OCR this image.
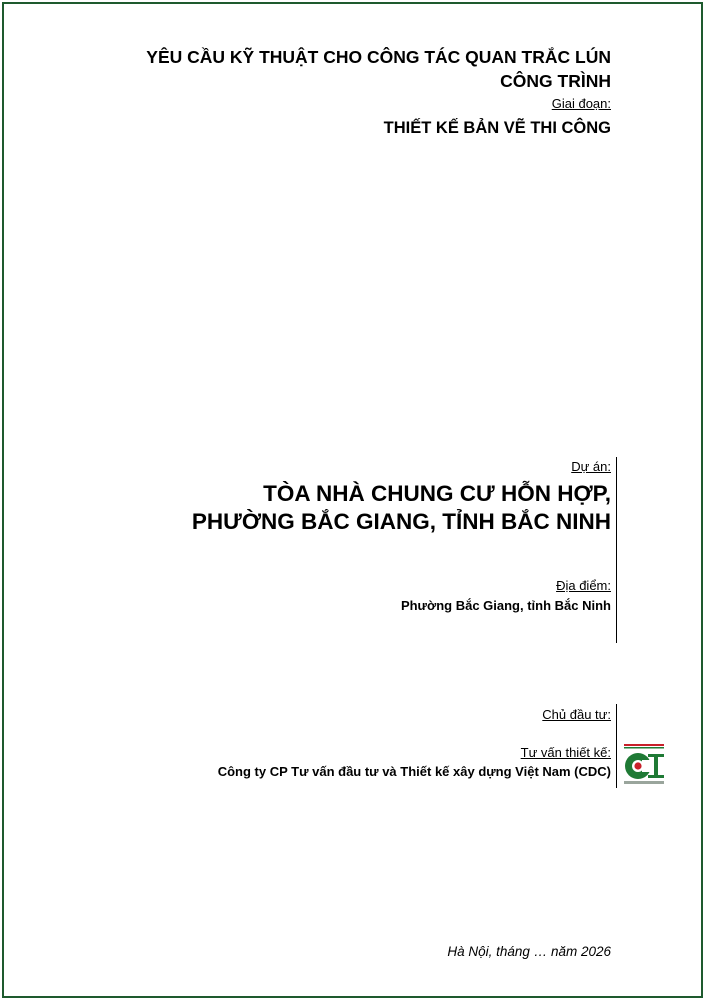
YÊU CẦU KỸ THUẬT CHO CÔNG TÁC QUAN TRẮC LÚN
CÔNG TRÌNH
Giai đoạn:
THIẾT KẾ BẢN VẼ THI CÔNG
Dự án:
TÒA NHÀ CHUNG CƯ HỖN HỢP,
PHƯỜNG BẮC GIANG, TỈNH BẮC NINH
Địa điểm:
Phường Bắc Giang, tỉnh Bắc Ninh
Chủ đầu tư:
Tư vấn thiết kế:
Công ty CP Tư vấn đầu tư và Thiết kế xây dựng Việt Nam (CDC)
Hà Nội, tháng … năm 2026
